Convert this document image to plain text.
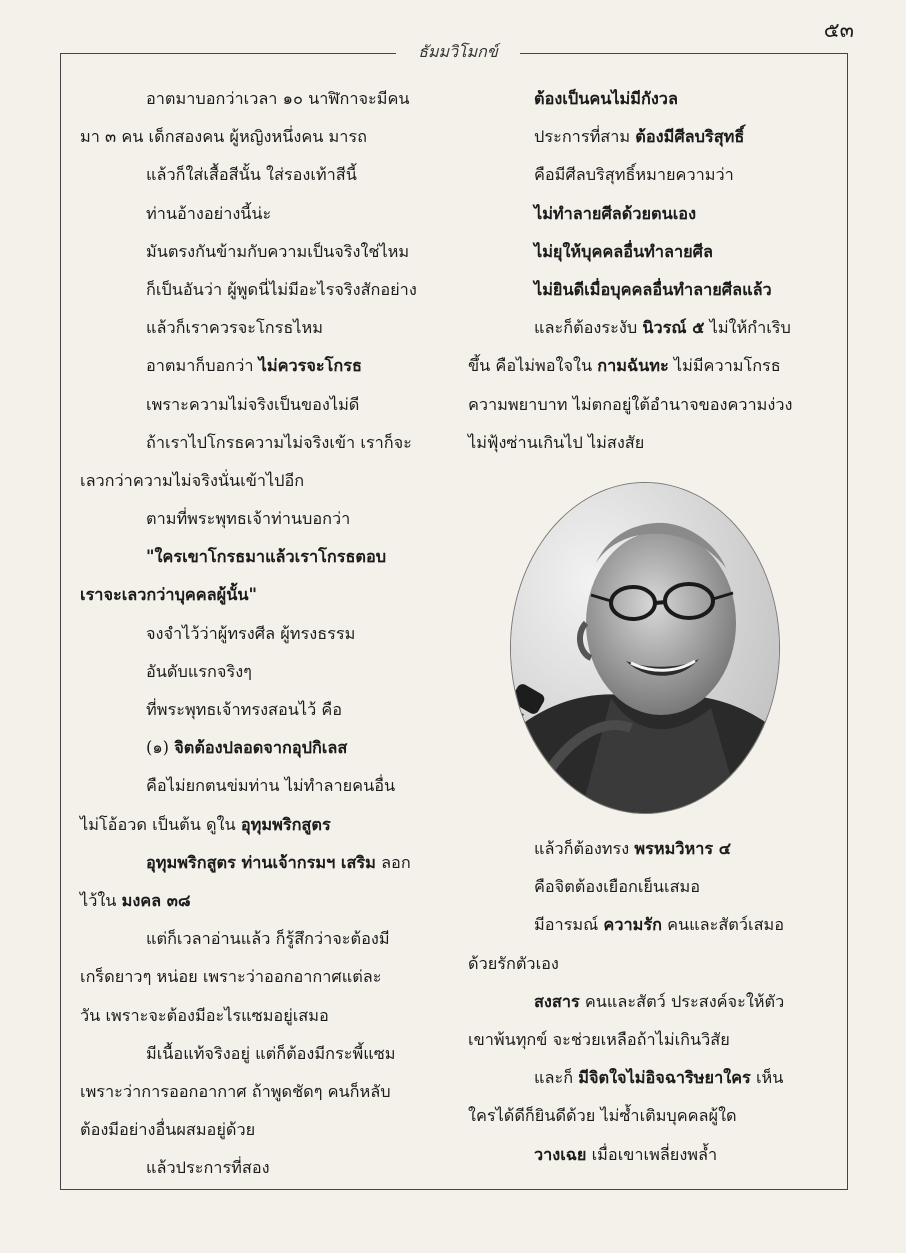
๕๓
ธัมมวิโมกข์
อาตมาบอกว่าเวลา ๑๐ นาฬิกาจะมีคน
มา ๓ คน เด็กสองคน ผู้หญิงหนึ่งคน มารถ
แล้วก็ใส่เสื้อสีนั้น ใส่รองเท้าสีนี้
ท่านอ้างอย่างนี้น่ะ
มันตรงกันข้ามกับความเป็นจริงใช่ไหม
ก็เป็นอันว่า ผู้พูดนี่ไม่มีอะไรจริงสักอย่าง
แล้วก็เราควรจะโกรธไหม
อาตมาก็บอกว่า ไม่ควรจะโกรธ
เพราะความไม่จริงเป็นของไม่ดี
ถ้าเราไปโกรธความไม่จริงเข้า เราก็จะ
เลวกว่าความไม่จริงนั่นเข้าไปอีก
ตามที่พระพุทธเจ้าท่านบอกว่า
"ใครเขาโกรธมาแล้วเราโกรธตอบ
เราจะเลวกว่าบุคคลผู้นั้น"
จงจำไว้ว่าผู้ทรงศีล ผู้ทรงธรรม
อันดับแรกจริงๆ
ที่พระพุทธเจ้าทรงสอนไว้ คือ
(๑) จิตต้องปลอดจากอุปกิเลส
คือไม่ยกตนข่มท่าน ไม่ทำลายคนอื่น
ไม่โอ้อวด เป็นต้น ดูใน อุทุมพริกสูตร
อุทุมพริกสูตร ท่านเจ้ากรมฯ เสริม ลอก
ไว้ใน มงคล ๓๘
แต่ก็เวลาอ่านแล้ว ก็รู้สึกว่าจะต้องมี
เกร็ดยาวๆ หน่อย เพราะว่าออกอากาศแต่ละ
วัน เพราะจะต้องมีอะไรแซมอยู่เสมอ
มีเนื้อแท้จริงอยู่ แต่ก็ต้องมีกระพี้แซม
เพราะว่าการออกอากาศ ถ้าพูดชัดๆ คนก็หลับ
ต้องมีอย่างอื่นผสมอยู่ด้วย
แล้วประการที่สอง
ต้องเป็นคนไม่มีกังวล
ประการที่สาม ต้องมีศีลบริสุทธิ์
คือมีศีลบริสุทธิ์หมายความว่า
ไม่ทำลายศีลด้วยตนเอง
ไม่ยุให้บุคคลอื่นทำลายศีล
ไม่ยินดีเมื่อบุคคลอื่นทำลายศีลแล้ว
และก็ต้องระงับ นิวรณ์ ๕ ไม่ให้กำเริบ
ขึ้น คือไม่พอใจใน กามฉันทะ ไม่มีความโกรธ
ความพยาบาท ไม่ตกอยู่ใต้อำนาจของความง่วง
ไม่ฟุ้งซ่านเกินไป ไม่สงสัย
แล้วก็ต้องทรง พรหมวิหาร ๔
คือจิตต้องเยือกเย็นเสมอ
มีอารมณ์ ความรัก คนและสัตว์เสมอ
ด้วยรักตัวเอง
สงสาร คนและสัตว์ ประสงค์จะให้ตัว
เขาพ้นทุกข์ จะช่วยเหลือถ้าไม่เกินวิสัย
และก็ มีจิตใจไม่อิจฉาริษยาใคร เห็น
ใครได้ดีก็ยินดีด้วย ไม่ซ้ำเติมบุคคลผู้ใด
วางเฉย เมื่อเขาเพลี่ยงพล้ำ
